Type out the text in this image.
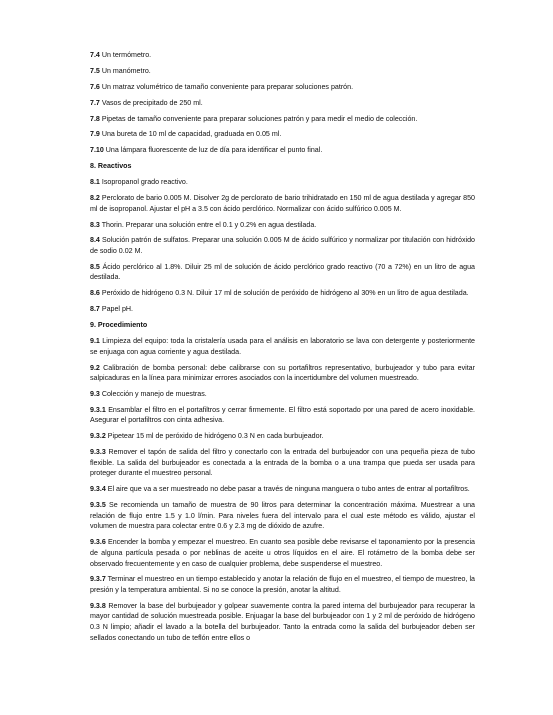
7.4 Un termómetro.

7.5 Un manómetro.

7.6 Un matraz volumétrico de tamaño conveniente para preparar soluciones patrón.

7.7 Vasos de precipitado de 250 ml.

7.8 Pipetas de tamaño conveniente para preparar soluciones patrón y para medir el medio de colección.

7.9 Una bureta de 10 ml de capacidad, graduada en 0.05 ml.

7.10 Una lámpara fluorescente de luz de día para identificar el punto final.

8. Reactivos

8.1 Isopropanol grado reactivo.

8.2 Perclorato de bario 0.005 M. Disolver 2g de perclorato de bario trihidratado en 150 ml de agua destilada y agregar 850 ml de isopropanol. Ajustar el pH a 3.5 con ácido perclórico. Normalizar con ácido sulfúrico 0.005 M.

8.3 Thorin. Preparar una solución entre el 0.1 y 0.2% en agua destilada.

8.4 Solución patrón de sulfatos. Preparar una solución 0.005 M de ácido sulfúrico y normalizar por titulación con hidróxido de sodio 0.02 M.

8.5 Ácido perclórico al 1.8%. Diluir 25 ml de solución de ácido perclórico grado reactivo (70 a 72%) en un litro de agua destilada.

8.6 Peróxido de hidrógeno 0.3 N. Diluir 17 ml de solución de peróxido de hidrógeno al 30% en un litro de agua destilada.

8.7 Papel pH.

9. Procedimiento

9.1 Limpieza del equipo: toda la cristalería usada para el análisis en laboratorio se lava con detergente y posteriormente se enjuaga con agua corriente y agua destilada.

9.2 Calibración de bomba personal: debe calibrarse con su portafiltros representativo, burbujeador y tubo para evitar salpicaduras en la línea para minimizar errores asociados con la incertidumbre del volumen muestreado.

9.3 Colección y manejo de muestras.

9.3.1 Ensamblar el filtro en el portafiltros y cerrar firmemente. El filtro está soportado por una pared de acero inoxidable. Asegurar el portafiltros con cinta adhesiva.

9.3.2 Pipetear 15 ml de peróxido de hidrógeno 0.3 N en cada burbujeador.

9.3.3 Remover el tapón de salida del filtro y conectarlo con la entrada del burbujeador con una pequeña pieza de tubo flexible. La salida del burbujeador es conectada a la entrada de la bomba o a una trampa que pueda ser usada para proteger durante el muestreo personal.

9.3.4 El aire que va a ser muestreado no debe pasar a través de ninguna manguera o tubo antes de entrar al portafiltros.

9.3.5 Se recomienda un tamaño de muestra de 90 litros para determinar la concentración máxima. Muestrear a una relación de flujo entre 1.5 y 1.0 l/min. Para niveles fuera del intervalo para el cual este método es válido, ajustar el volumen de muestra para colectar entre 0.6 y 2.3 mg de dióxido de azufre.

9.3.6 Encender la bomba y empezar el muestreo. En cuanto sea posible debe revisarse el taponamiento por la presencia de alguna partícula pesada o por neblinas de aceite u otros líquidos en el aire. El rotámetro de la bomba debe ser observado frecuentemente y en caso de cualquier problema, debe suspenderse el muestreo.

9.3.7 Terminar el muestreo en un tiempo establecido y anotar la relación de flujo en el muestreo, el tiempo de muestreo, la presión y la temperatura ambiental. Si no se conoce la presión, anotar la altitud.

9.3.8 Remover la base del burbujeador y golpear suavemente contra la pared interna del burbujeador para recuperar la mayor cantidad de solución muestreada posible. Enjuagar la base del burbujeador con 1 y 2 ml de peróxido de hidrógeno 0.3 N limpio; añadir el lavado a la botella del burbujeador. Tanto la entrada como la salida del burbujeador deben ser sellados conectando un tubo de teflón entre ellos o
